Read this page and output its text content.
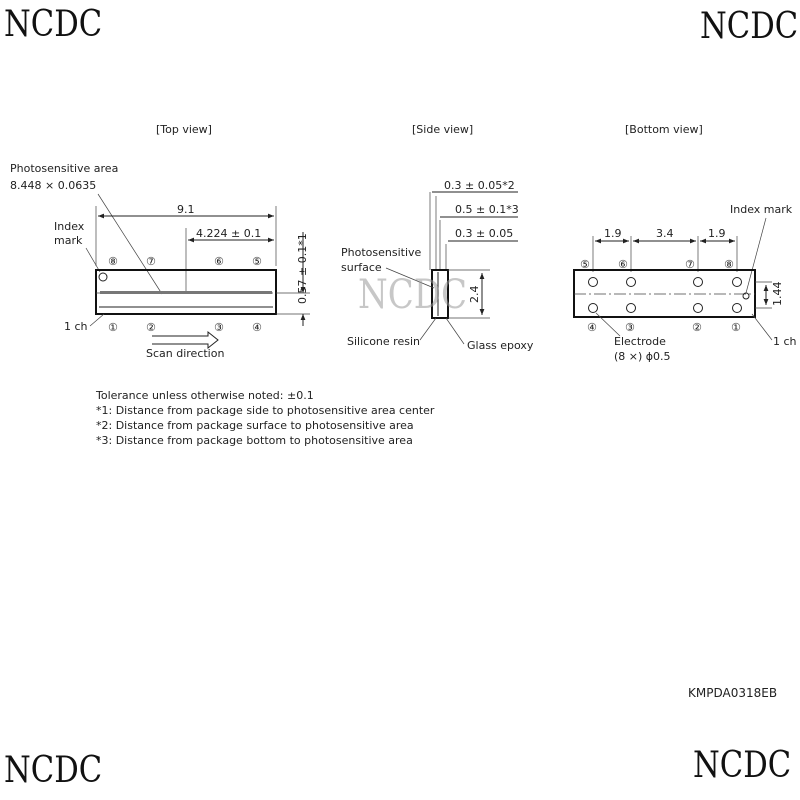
NCDC	NCDC
NCDC	NCDC
[Top view]
Photosensitive area
8.448 × 0.0635
9.1
4.224 ± 0.1
Index
mark
⑧	⑦	⑥	⑤	0.57 ± 0.1*1
①	②	③	④
1 ch
Scan direction
[Side view]
0.3 ± 0.05*2
0.5 ± 0.1*3
0.3 ± 0.05
2.4
Photosensitive
surface
Silicone resin	Glass epoxy
[Bottom view]
Index mark
1.9	3.4	1.9
⑤	⑥	⑦	⑧
1.44
④	③	②	①
Electrode
(8 ×) ϕ0.5
1 ch
NCDC
Tolerance unless otherwise noted: ±0.1
*1: Distance from package side to photosensitive area center
*2: Distance from package surface to photosensitive area
*3: Distance from package bottom to photosensitive area
KMPDA0318EB
